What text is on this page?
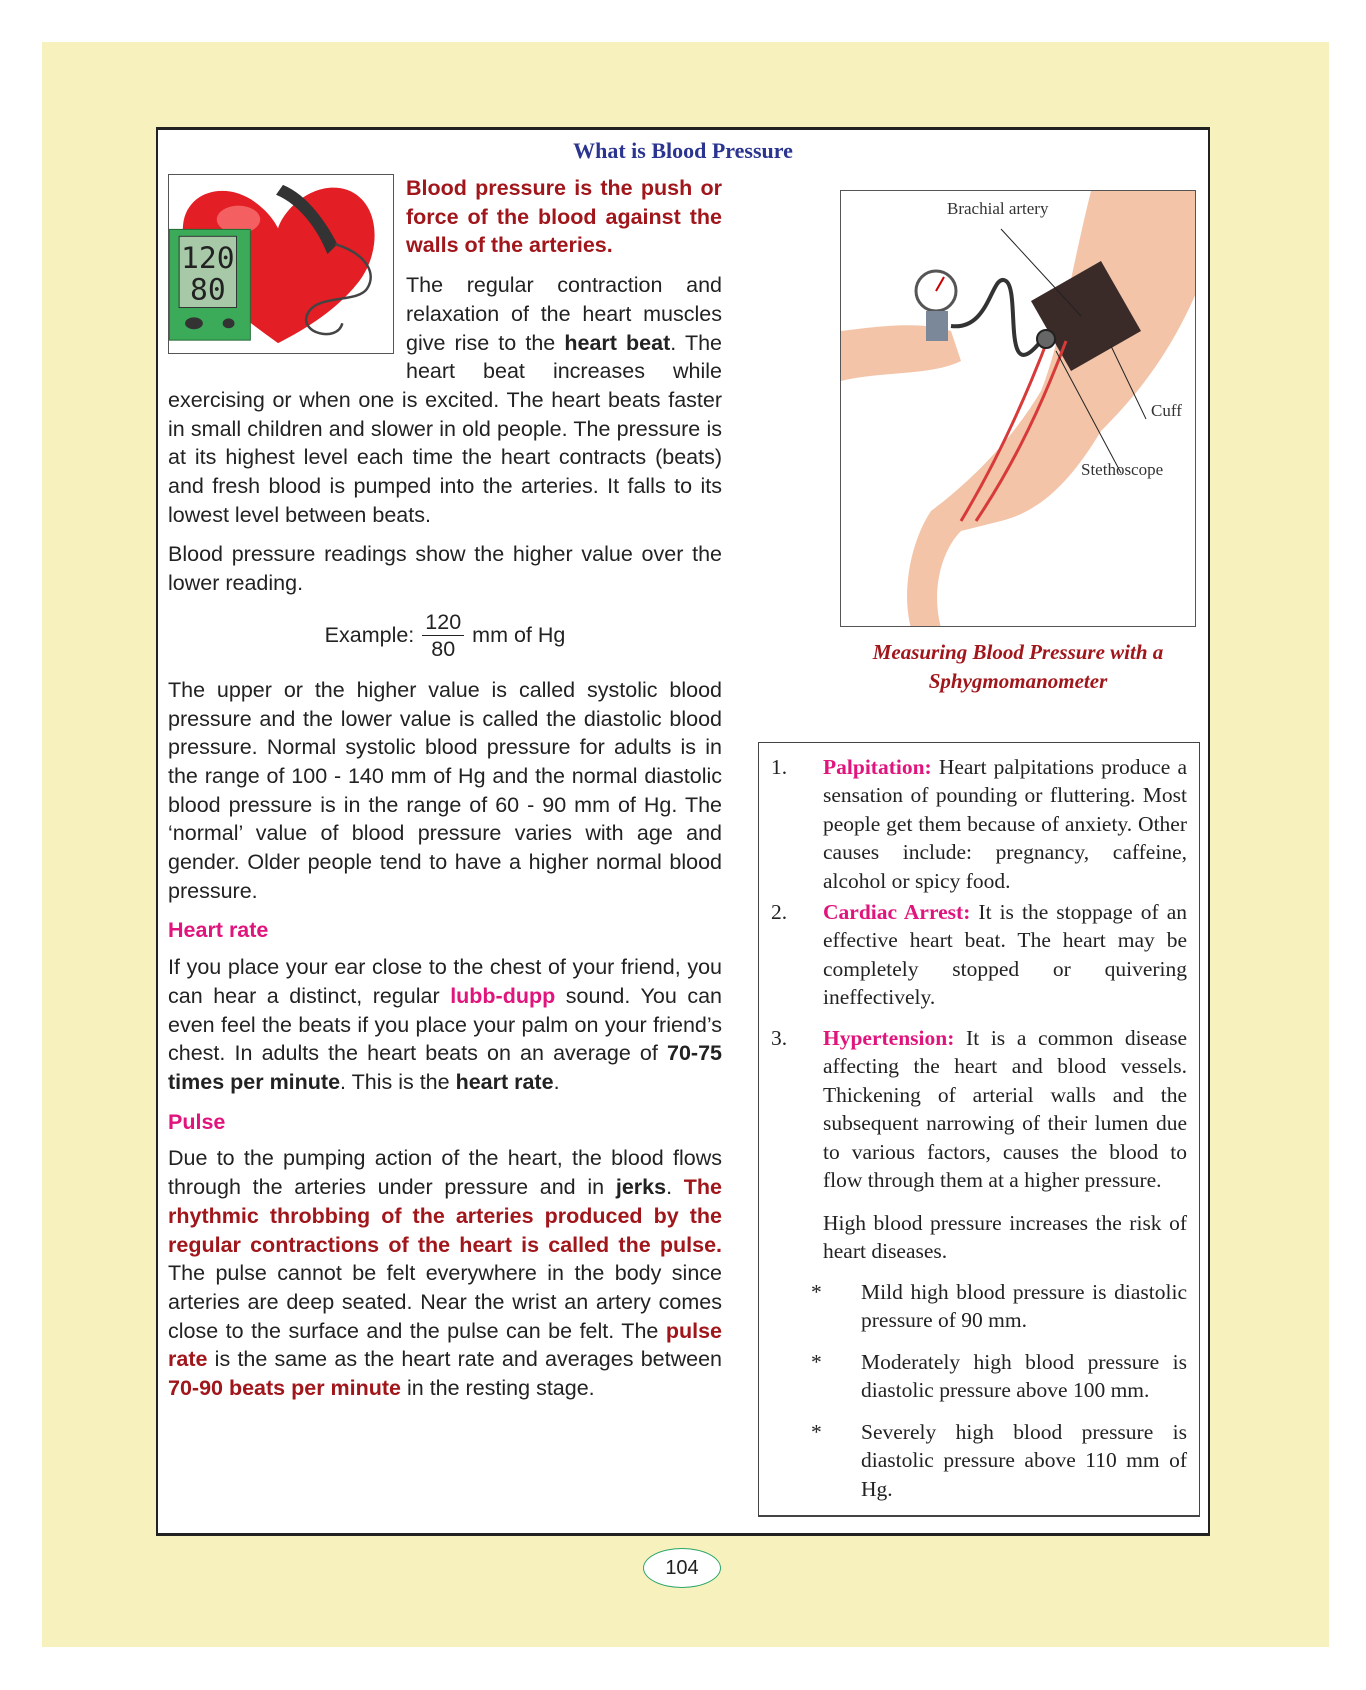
What is Blood Pressure
120
80

Blood pressure is the push or force of the blood against the walls of the arteries.

The regular contraction and relaxation of the heart muscles give rise to the heart beat. The heart beat increases while exercising or when one is excited. The heart beats faster in small children and slower in old people. The pressure is at its highest level each time the heart contracts (beats) and fresh blood is pumped into the arteries. It falls to its lowest level between beats.

Blood pressure readings show the higher value over the lower reading.

Example: $\frac{120}{80}$ mm of Hg

The upper or the higher value is called systolic blood pressure and the lower value is called the diastolic blood pressure. Normal systolic blood pressure for adults is in the range of 100 - 140 mm of Hg and the normal diastolic blood pressure is in the range of 60 - 90 mm of Hg. The ‘normal’ value of blood pressure varies with age and gender. Older people tend to have a higher normal blood pressure.

Heart rate

If you place your ear close to the chest of your friend, you can hear a distinct, regular lubb-dupp sound. You can even feel the beats if you place your palm on your friend’s chest. In adults the heart beats on an average of 70-75 times per minute. This is the heart rate.

Pulse

Due to the pumping action of the heart, the blood flows through the arteries under pressure and in jerks. The rhythmic throbbing of the arteries produced by the regular contractions of the heart is called the pulse. The pulse cannot be felt everywhere in the body since arteries are deep seated. Near the wrist an artery comes close to the surface and the pulse can be felt. The pulse rate is the same as the heart rate and averages between 70-90 beats per minute in the resting stage.

Brachial artery
Cuff
Stethoscope
Measuring Blood Pressure with a Sphygmomanometer
1. Palpitation: Heart palpitations produce a sensation of pounding or fluttering. Most people get them because of anxiety. Other causes include: pregnancy, caffeine, alcohol or spicy food.
2. Cardiac Arrest: It is the stoppage of an effective heart beat. The heart may be completely stopped or quivering ineffectively.
3. Hypertension: It is a common disease affecting the heart and blood vessels. Thickening of arterial walls and the subsequent narrowing of their lumen due to various factors, causes the blood to flow through them at a higher pressure.
High blood pressure increases the risk of heart diseases.
* Mild high blood pressure is diastolic pressure of 90 mm.
* Moderately high blood pressure is diastolic pressure above 100 mm.
* Severely high blood pressure is diastolic pressure above 110 mm of Hg.
104
